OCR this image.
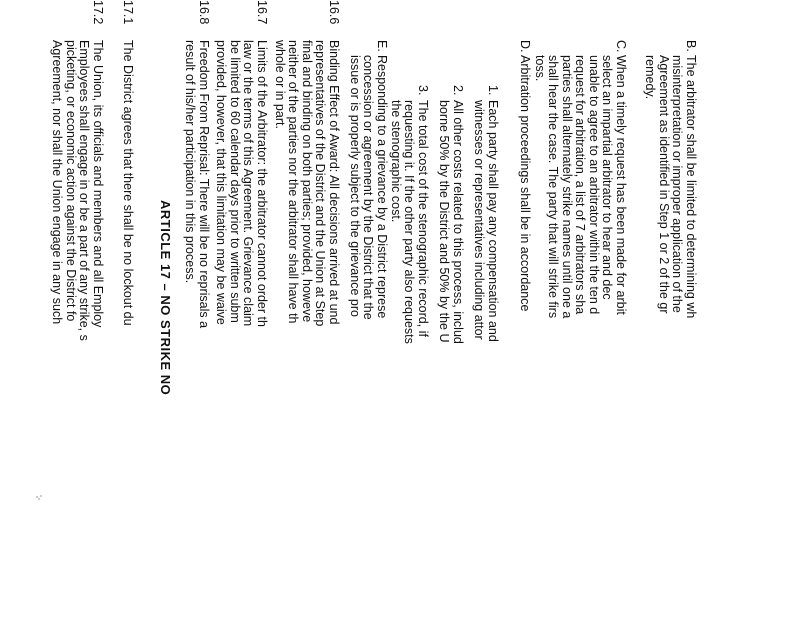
B.
The arbitrator shall be limited to determining wh
misinterpretation or improper application of the
Agreement as identified in Step 1 or 2 of the gr
remedy.
C.
When a timely request has been made for arbit
select an impartial arbitrator to hear and dec
unable to agree to an arbitrator within the ten d
request for arbitration, a list of 7 arbitrators sha
parties shall alternately strike names until one a
shall hear the case. The party that will strike firs
toss.
D.
Arbitration proceedings shall be in accordance
1.
Each party shall pay any compensation and
witnesses or representatives including attor
2.
All other costs related to this process, includ
borne 50% by the District and 50% by the U
3.
The total cost of the stenographic record, if
requesting it. If the other party also requests
the stenographic cost.
E.
Responding to a grievance by a District represe
concession or agreement by the District that the
issue or is properly subject to the grievance pro
16.6
Binding Effect of Award: All decisions arrived at und
representatives of the District and the Union at Step
final and binding on both parties; provided, howeve
neither of the parties nor the arbitrator shall have th
whole or in part.
16.7
Limits of the Arbitrator: the arbitrator cannot order th
law or the terms of this Agreement. Grievance claim
be limited to 60 calendar days prior to written subm
provided, however, that this limitation may be waive
16.8
Freedom From Reprisal: There will be no reprisals a
result of his/her participation in this process.
ARTICLE 17 – NO STRIKE NO
17.1
The District agrees that there shall be no lockout du
17.2
The Union, its officials and members and all Employ
Employees shall engage in or be a part of any strike, s
picketing, or economic action against the District fo
Agreement, nor shall the Union engage in any such
